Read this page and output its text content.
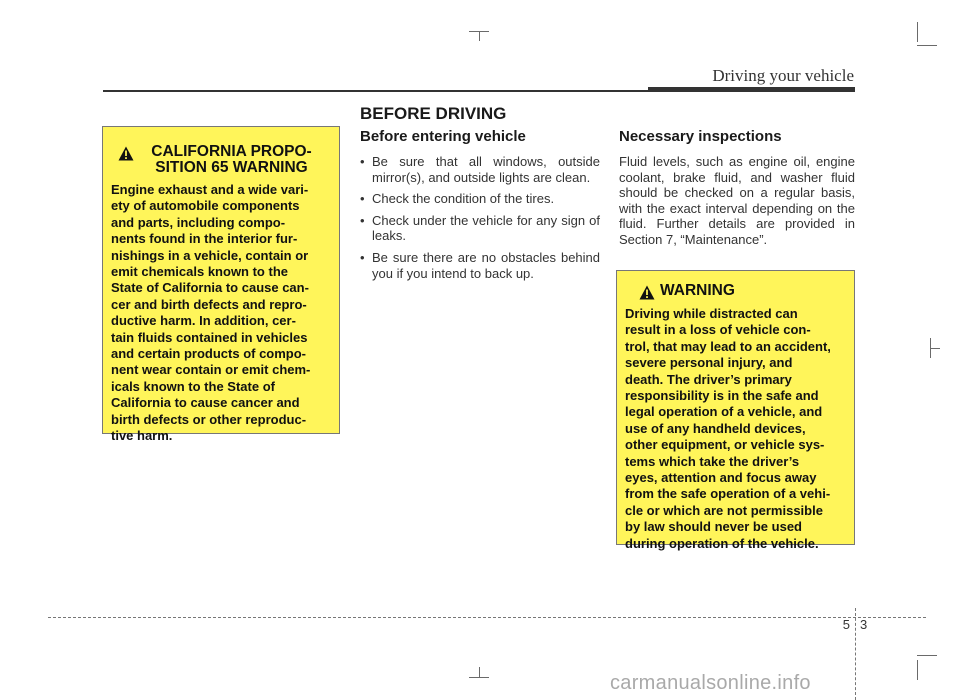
Driving your vehicle
BEFORE DRIVING
CALIFORNIA PROPO-
SITION 65 WARNING
Engine exhaust and a wide vari-
ety of automobile components
and parts, including compo-
nents found in the interior fur-
nishings in a vehicle, contain or
emit chemicals known to the
State of California to cause can-
cer and birth defects and repro-
ductive harm. In addition, cer-
tain fluids contained in vehicles
and certain products of compo-
nent wear contain or emit chem-
icals known to the State of
California to cause cancer and
birth defects or other reproduc-
tive harm.
Before entering vehicle
• Be sure that all windows, outside mirror(s), and outside lights are clean.
• Check the condition of the tires.
• Check under the vehicle for any sign of leaks.
• Be sure there are no obstacles behind you if you intend to back up.
Necessary inspections
Fluid levels, such as engine oil, engine coolant, brake fluid, and washer fluid should be checked on a regular basis, with the exact interval depending on the fluid. Further details are provided in Section 7, “Maintenance”.
WARNING
Driving while distracted can
result in a loss of vehicle con-
trol, that may lead to an accident,
severe personal injury, and
death. The driver’s primary
responsibility is in the safe and
legal operation of a vehicle, and
use of any handheld devices,
other equipment, or vehicle sys-
tems which take the driver’s
eyes, attention and focus away
from the safe operation of a vehi-
cle or which are not permissible
by law should never be used
during operation of the vehicle.
5 3
carmanualsonline.info
